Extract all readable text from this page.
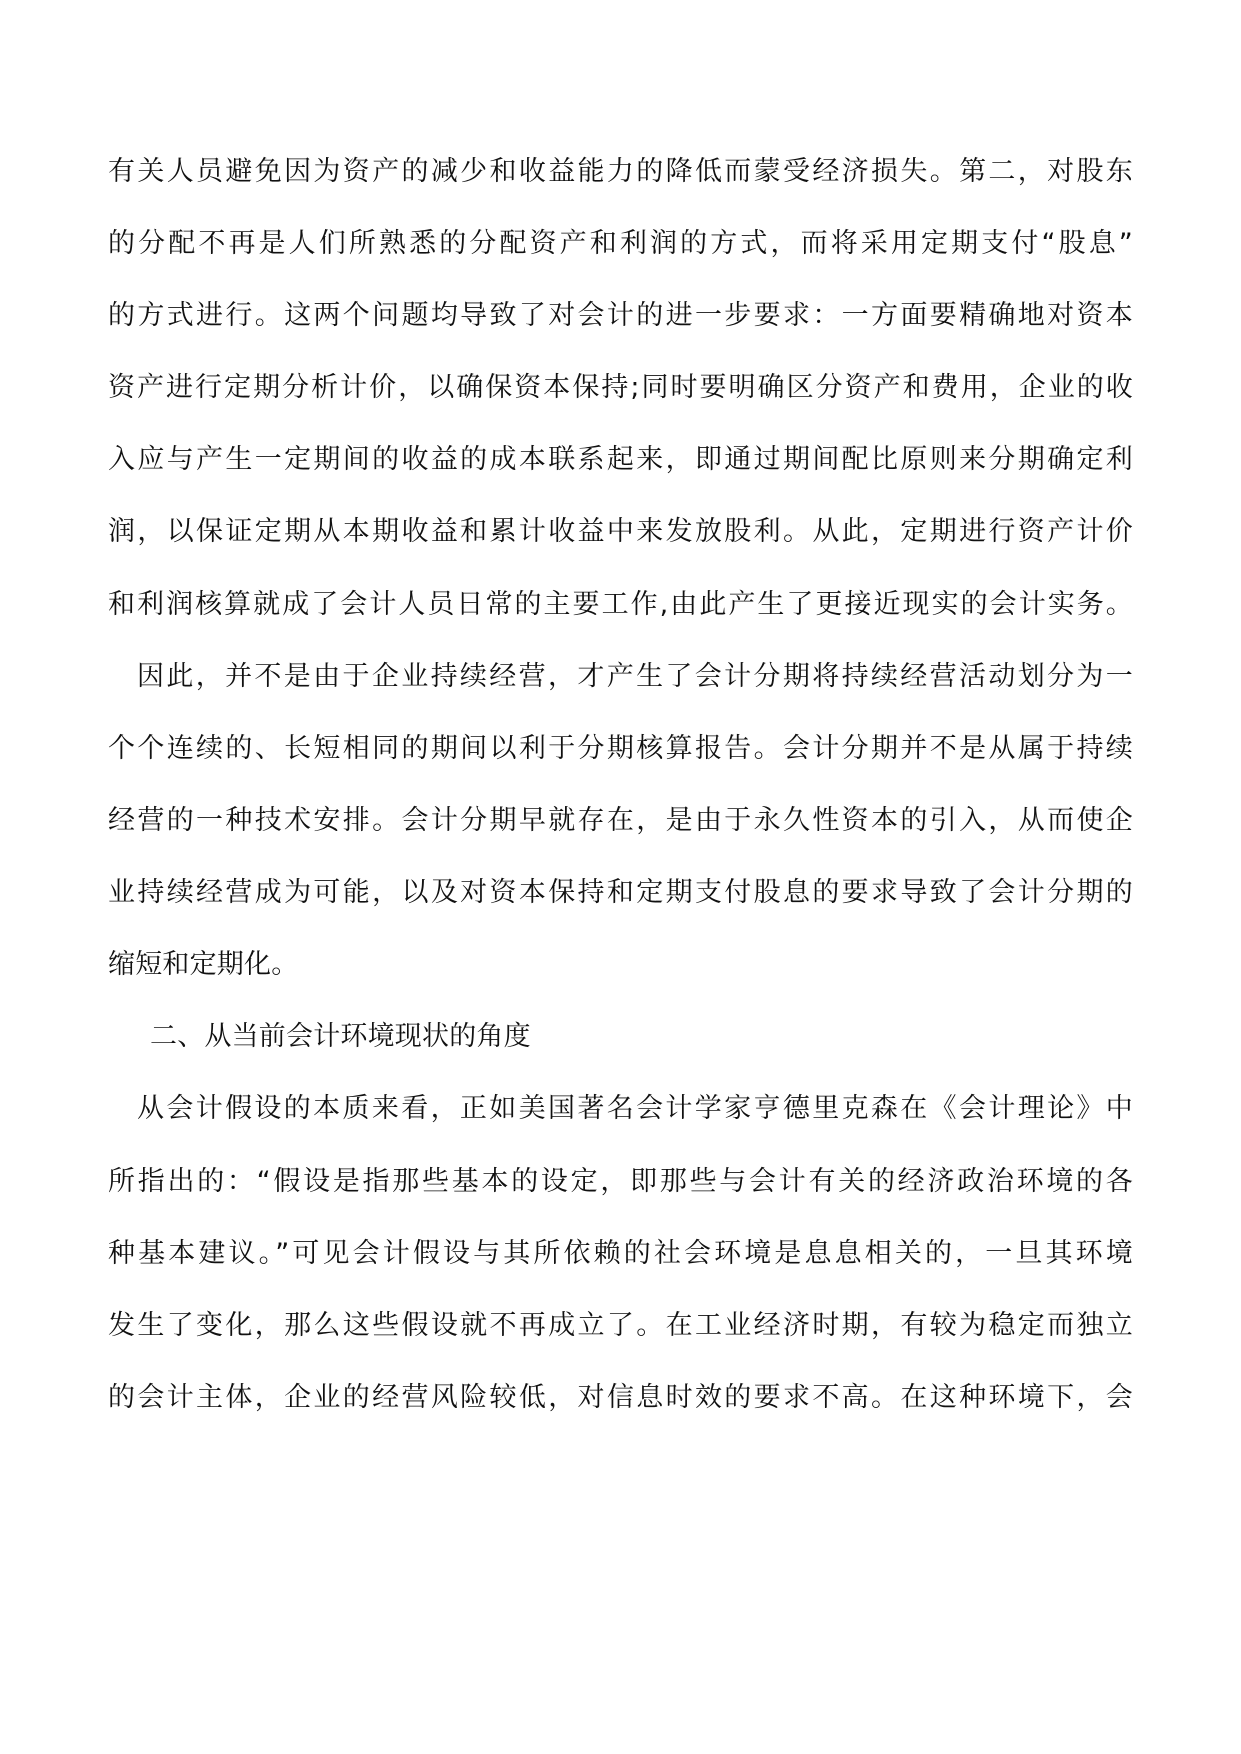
有关人员避免因为资产的减少和收益能力的降低而蒙受经济损失。第二，对股东
的分配不再是人们所熟悉的分配资产和利润的方式，而将采用定期支付“股息”
的方式进行。这两个问题均导致了对会计的进一步要求：一方面要精确地对资本
资产进行定期分析计价，以确保资本保持;同时要明确区分资产和费用，企业的收
入应与产生一定期间的收益的成本联系起来，即通过期间配比原则来分期确定利
润，以保证定期从本期收益和累计收益中来发放股利。从此，定期进行资产计价
和利润核算就成了会计人员日常的主要工作,由此产生了更接近现实的会计实务。
因此，并不是由于企业持续经营，才产生了会计分期将持续经营活动划分为一
个个连续的、长短相同的期间以利于分期核算报告。会计分期并不是从属于持续
经营的一种技术安排。会计分期早就存在，是由于永久性资本的引入，从而使企
业持续经营成为可能，以及对资本保持和定期支付股息的要求导致了会计分期的
缩短和定期化。
二、从当前会计环境现状的角度
从会计假设的本质来看，正如美国著名会计学家亨德里克森在《会计理论》中
所指出的：“假设是指那些基本的设定，即那些与会计有关的经济政治环境的各
种基本建议。”可见会计假设与其所依赖的社会环境是息息相关的，一旦其环境
发生了变化，那么这些假设就不再成立了。在工业经济时期，有较为稳定而独立
的会计主体，企业的经营风险较低，对信息时效的要求不高。在这种环境下，会
